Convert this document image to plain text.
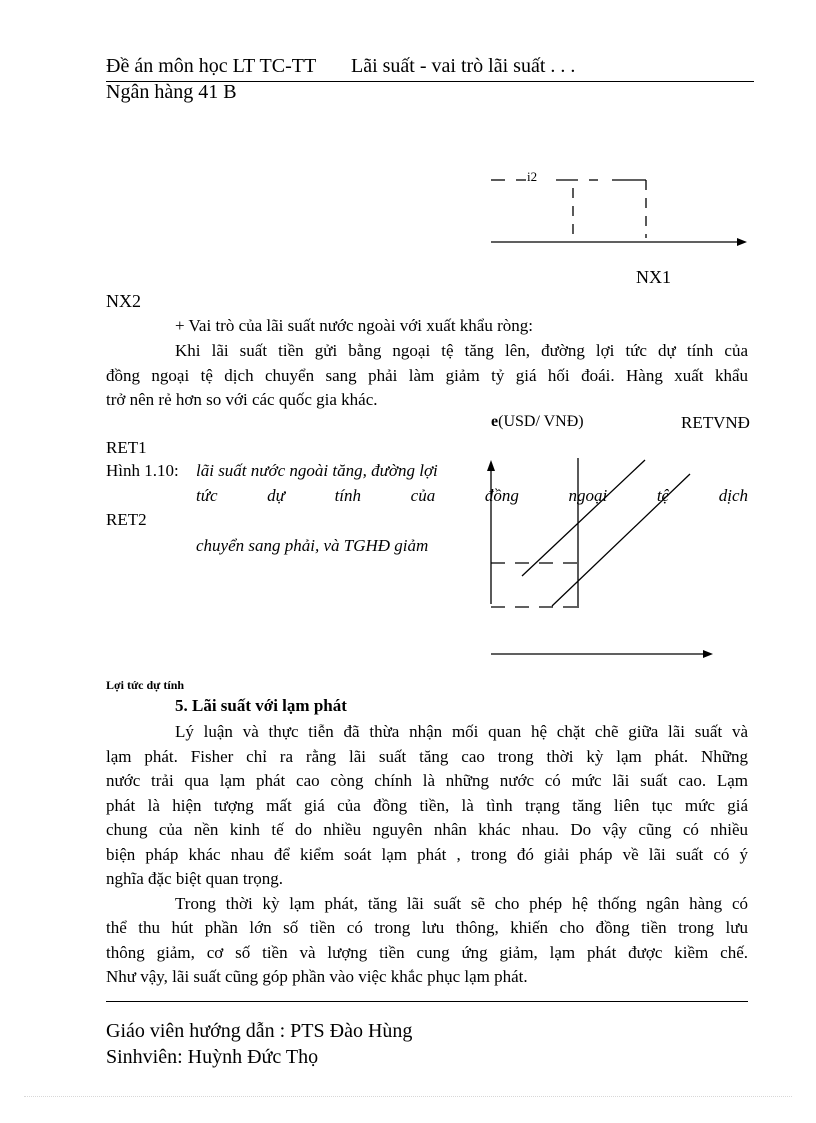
Đề án môn học LT TC-TT Lãi suất - vai trò lãi suất . . .
Ngân hàng 41 B
i2
NX1
NX2
+ Vai trò của lãi suất nước ngoài với xuất khẩu ròng:
Khi lãi suất tiền gửi bằng ngoại tệ tăng lên, đường lợi tức dự tính của
đồng ngoại tệ dịch chuyển sang phải làm giảm tỷ giá hối đoái. Hàng xuất khẩu
trở nên rẻ hơn so với các quốc gia khác.
e(USD/ VNĐ)	RETVNĐ
RET1
Hình 1.10: lãi suất nước ngoài tăng, đường lợi
tức dự tính của đồng ngoại tệ dịch
RET2
chuyển sang phải, và TGHĐ giảm
Lợi tức dự tính
5. Lãi suất với lạm phát
Lý luận và thực tiễn đã thừa nhận mối quan hệ chặt chẽ giữa lãi suất và
lạm phát. Fisher chỉ ra rằng lãi suất tăng cao trong thời kỳ lạm phát. Những
nước trải qua lạm phát cao còng chính là những nước có mức lãi suất cao. Lạm
phát là hiện tượng mất giá của đồng tiền, là tình trạng tăng liên tục mức giá
chung của nền kinh tế do nhiều nguyên nhân khác nhau. Do vậy cũng có nhiều
biện pháp khác nhau để kiểm soát lạm phát , trong đó giải pháp về lãi suất có ý
nghĩa đặc biệt quan trọng.
Trong thời kỳ lạm phát, tăng lãi suất sẽ cho phép hệ thống ngân hàng có
thể thu hút phần lớn số tiền có trong lưu thông, khiến cho đồng tiền trong lưu
thông giảm, cơ số tiền và lượng tiền cung ứng giảm, lạm phát được kiềm chế.
Như vậy, lãi suất cũng góp phần vào việc khắc phục lạm phát.
Giáo viên hướng dẫn : PTS Đào Hùng
Sinhviên: Huỳnh Đức Thọ
